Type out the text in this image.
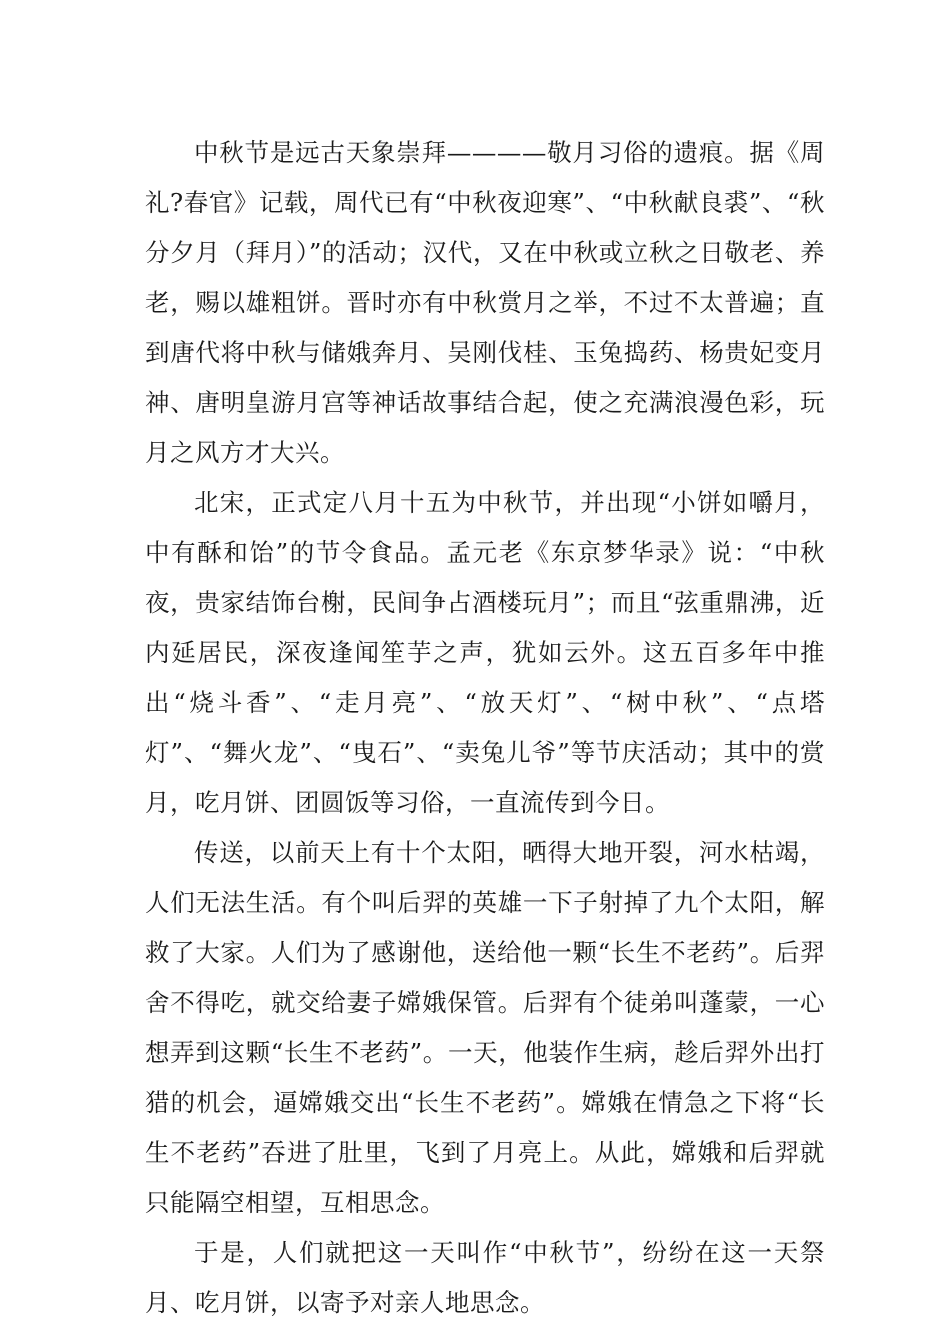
中秋节是远古天象崇拜————敬月习俗的遗痕。据《周礼?春官》记载，周代已有“中秋夜迎寒”、“中秋献良裘”、“秋分夕月（拜月）”的活动；汉代，又在中秋或立秋之日敬老、养老，赐以雄粗饼。晋时亦有中秋赏月之举，不过不太普遍；直到唐代将中秋与储娥奔月、吴刚伐桂、玉兔捣药、杨贵妃变月神、唐明皇游月宫等神话故事结合起，使之充满浪漫色彩，玩月之风方才大兴。

北宋，正式定八月十五为中秋节，并出现“小饼如嚼月，中有酥和饴”的节令食品。孟元老《东京梦华录》说：“中秋夜，贵家结饰台榭，民间争占酒楼玩月”；而且“弦重鼎沸，近内延居民，深夜逢闻笙芋之声，犹如云外。这五百多年中推出“烧斗香”、“走月亮”、“放天灯”、“树中秋”、“点塔灯”、“舞火龙”、“曳石”、“卖兔儿爷”等节庆活动；其中的赏月，吃月饼、团圆饭等习俗，一直流传到今日。

传送，以前天上有十个太阳，晒得大地开裂，河水枯竭，人们无法生活。有个叫后羿的英雄一下子射掉了九个太阳，解救了大家。人们为了感谢他，送给他一颗“长生不老药”。后羿舍不得吃，就交给妻子嫦娥保管。后羿有个徒弟叫蓬蒙，一心想弄到这颗“长生不老药”。一天，他装作生病，趁后羿外出打猎的机会，逼嫦娥交出“长生不老药”。嫦娥在情急之下将“长生不老药”吞进了肚里，飞到了月亮上。从此，嫦娥和后羿就只能隔空相望，互相思念。

于是，人们就把这一天叫作“中秋节”，纷纷在这一天祭月、吃月饼，以寄予对亲人地思念。
